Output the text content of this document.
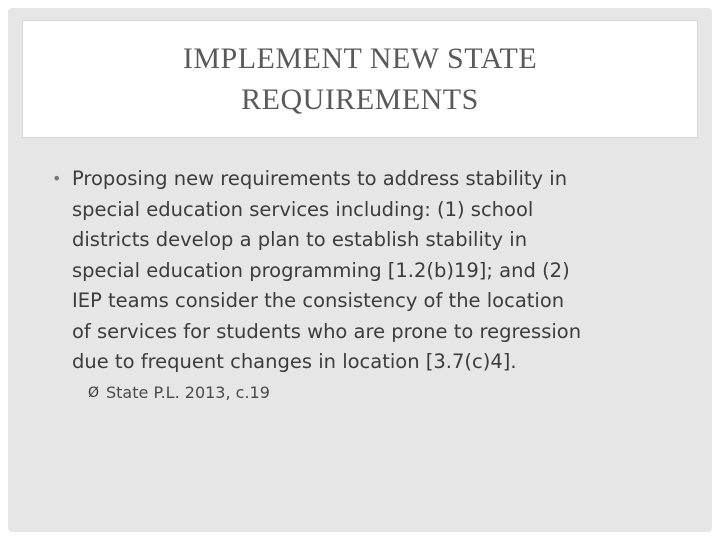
IMPLEMENT NEW STATE
REQUIREMENTS
• Proposing new requirements to address stability in
special education services including: (1) school
districts develop a plan to establish stability in
special education programming [1.2(b)19]; and (2)
IEP teams consider the consistency of the location
of services for students who are prone to regression
due to frequent changes in location [3.7(c)4].
Ø State P.L. 2013, c.19
